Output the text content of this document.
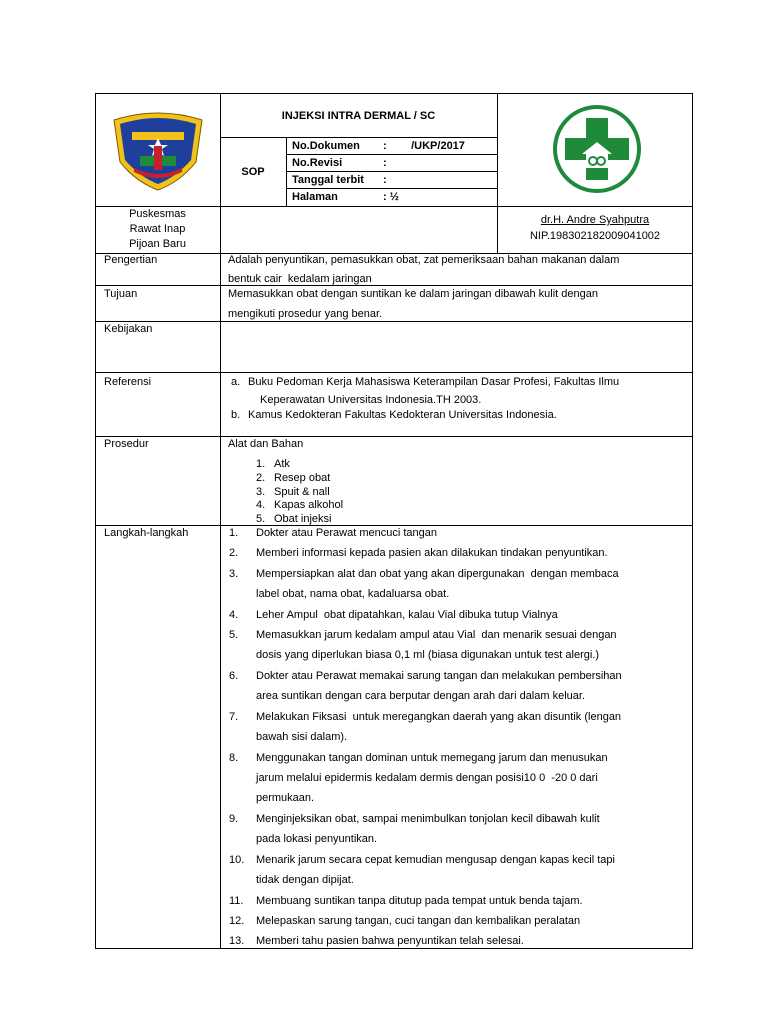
INJEKSI INTRA DERMAL / SC
SOP
No.Dokumen :        /UKP/2017
No.Revisi	:
Tanggal terbit :
Halaman	: ½
Puskesmas
Rawat Inap
Pijoan Baru
dr.H. Andre Syahputra
NIP.198302182009041002
Pengertian	Adalah penyuntikan, pemasukkan obat, zat pemeriksaan bahan makanan dalam
bentuk cair  kedalam jaringan
Tujuan	Memasukkan obat dengan suntikan ke dalam jaringan dibawah kulit dengan
mengikuti prosedur yang benar.
Kebijakan
Referensi	a. Buku Pedoman Kerja Mahasiswa Keterampilan Dasar Profesi, Fakultas Ilmu
Keperawatan Universitas Indonesia.TH 2003.
b. Kamus Kedokteran Fakultas Kedokteran Universitas Indonesia.
Prosedur	Alat dan Bahan
1. Atk
2. Resep obat
3. Spuit & nall
4. Kapas alkohol
5. Obat injeksi
Langkah-langkah	1. Dokter atau Perawat mencuci tangan
2. Memberi informasi kepada pasien akan dilakukan tindakan penyuntikan.
3. Mempersiapkan alat dan obat yang akan dipergunakan  dengan membaca
label obat, nama obat, kadaluarsa obat.
4. Leher Ampul  obat dipatahkan, kalau Vial dibuka tutup Vialnya
5. Memasukkan jarum kedalam ampul atau Vial  dan menarik sesuai dengan
dosis yang diperlukan biasa 0,1 ml (biasa digunakan untuk test alergi.)
6. Dokter atau Perawat memakai sarung tangan dan melakukan pembersihan
area suntikan dengan cara berputar dengan arah dari dalam keluar.
7. Melakukan Fiksasi  untuk meregangkan daerah yang akan disuntik (lengan
bawah sisi dalam).
8. Menggunakan tangan dominan untuk memegang jarum dan menusukan
jarum melalui epidermis kedalam dermis dengan posisi10 0  -20 0 dari
permukaan.
9. Menginjeksikan obat, sampai menimbulkan tonjolan kecil dibawah kulit
pada lokasi penyuntikan.
10. Menarik jarum secara cepat kemudian mengusap dengan kapas kecil tapi
tidak dengan dipijat.
11. Membuang suntikan tanpa ditutup pada tempat untuk benda tajam.
12. Melepaskan sarung tangan, cuci tangan dan kembalikan peralatan
13. Memberi tahu pasien bahwa penyuntikan telah selesai.
